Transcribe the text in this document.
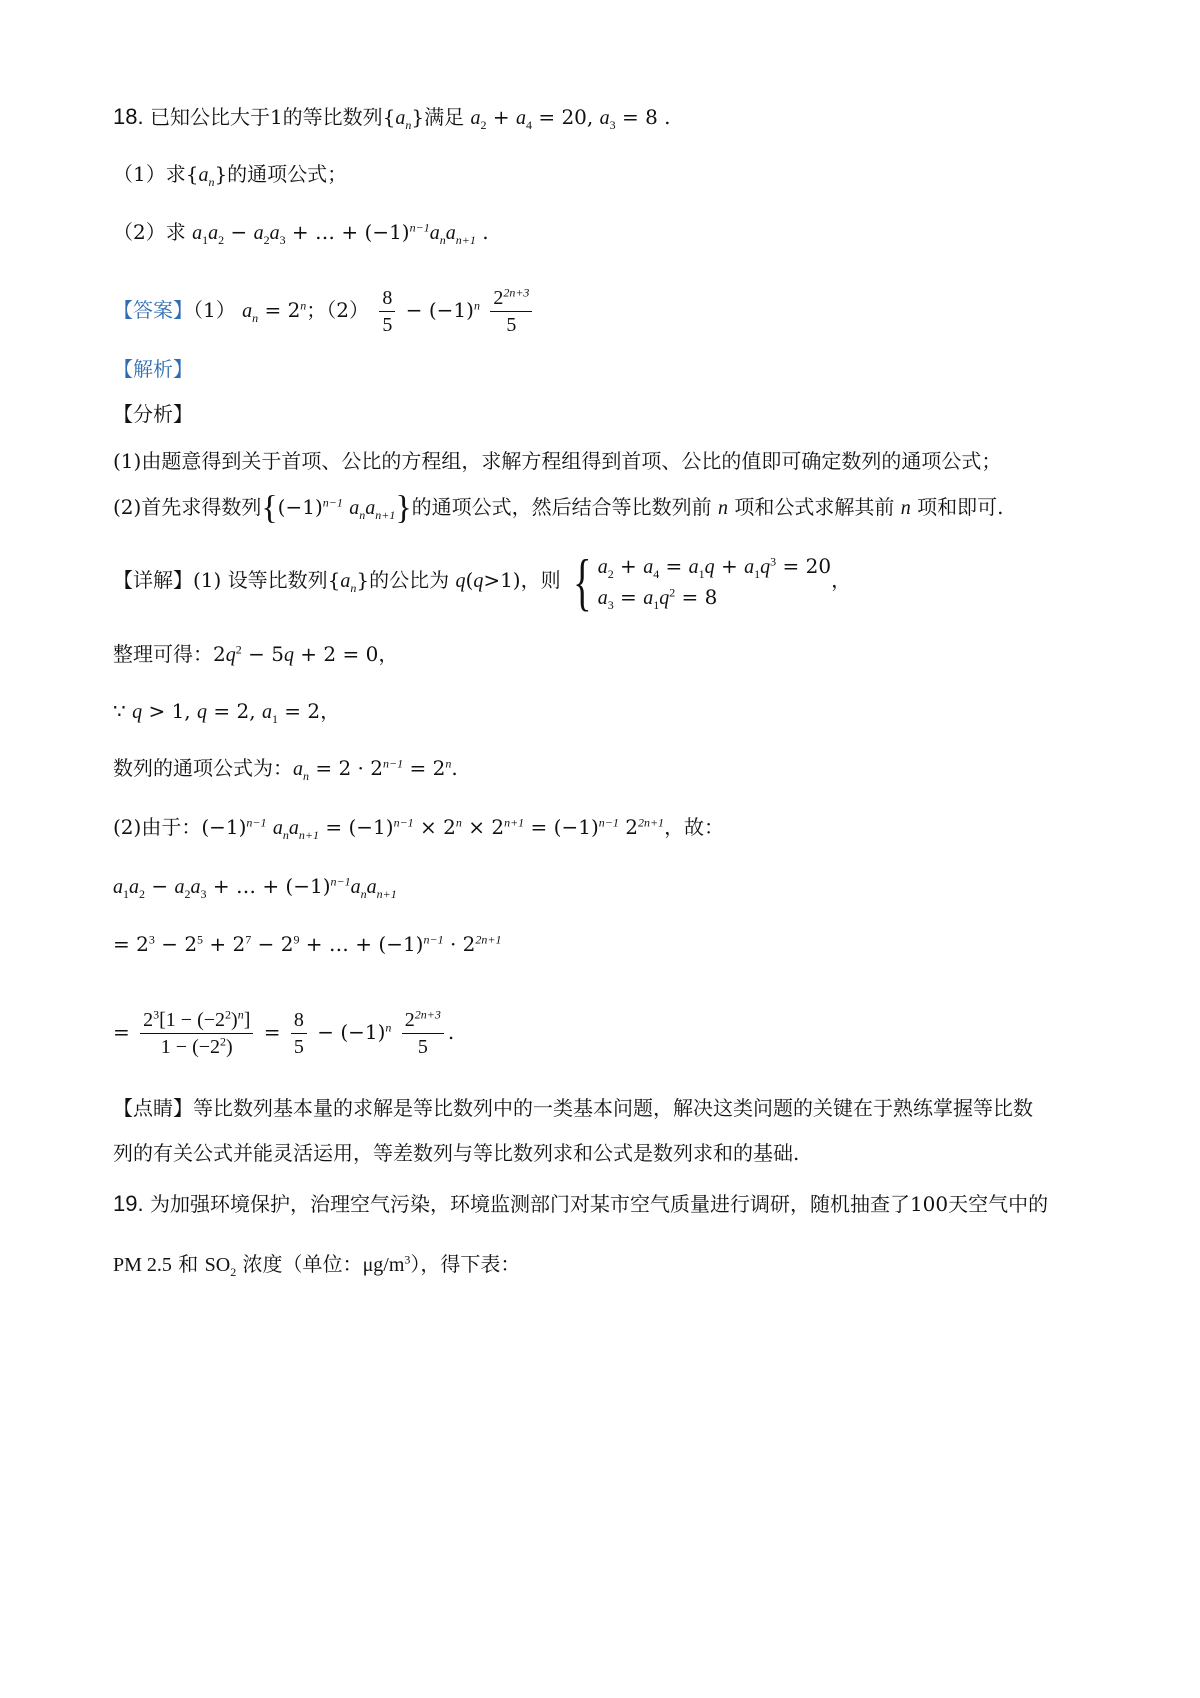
18. 已知公比大于1的等比数列$\{a_n\}$满足 $a_2 + a_4 = 20$, $a_3 = 8$ .
（1）求$\{a_n\}$的通项公式；
（2）求 $a_1a_2 - a_2a_3$ + … + $(-1)^{n-1}a_na_{n+1}$ .
【答案】（1） $a_n = 2^n$；$(2) \frac{8}{5} - (-1)^n \frac{2^{2n+3}}{5}$
【解析】
【分析】
(1)由题意得到关于首项、公比的方程组，求解方程组得到首项、公比的值即可确定数列的通项公式；
(2)首先求得数列{$(-1)^{n-1}$ $a_na_{n+1}$}的通项公式，然后结合等比数列前 n 项和公式求解其前 n 项和即可.
【详解】(1) 设等比数列$\{a_n\}$的公比为 q(q>1)，则 { $a_2 + a_4 = a_1q + a_1q^3 = 20$
$a_3 = a_1q^2 = 8$
，
整理可得：$2q^2 - 5q + 2 = 0$，
∵ q > 1, q = 2, $a_1 = 2$，
数列的通项公式为：$a_n = 2 \cdot 2^{n-1} = 2^n$.
(2)由于：$(-1)^{n-1}$ $a_na_{n+1} = (-1)^{n-1} \times 2^n \times 2^{n+1} = (-1)^{n-1}$ $2^{2n+1}$，故：
$a_1a_2 - a_2a_3$ + … + $(-1)^{n-1}a_na_{n+1}$
= $2^3 - 2^5 + 2^7 - 2^9$ + … + $(-1)^{n-1} \cdot 2^{2n+1}$
= $\frac{2^3[1 - (-2^2)^n]}{1 - (-2^2)} = \frac{8}{5} - (-1)^n \frac{2^{2n+3}}{5}$ .
【点睛】等比数列基本量的求解是等比数列中的一类基本问题，解决这类问题的关键在于熟练掌握等比数
列的有关公式并能灵活运用，等差数列与等比数列求和公式是数列求和的基础.
19. 为加强环境保护，治理空气污染，环境监测部门对某市空气质量进行调研，随机抽查了100天空气中的
PM 2.5 和 $SO_2$ 浓度（单位：$\mu g/m^3$），得下表：
